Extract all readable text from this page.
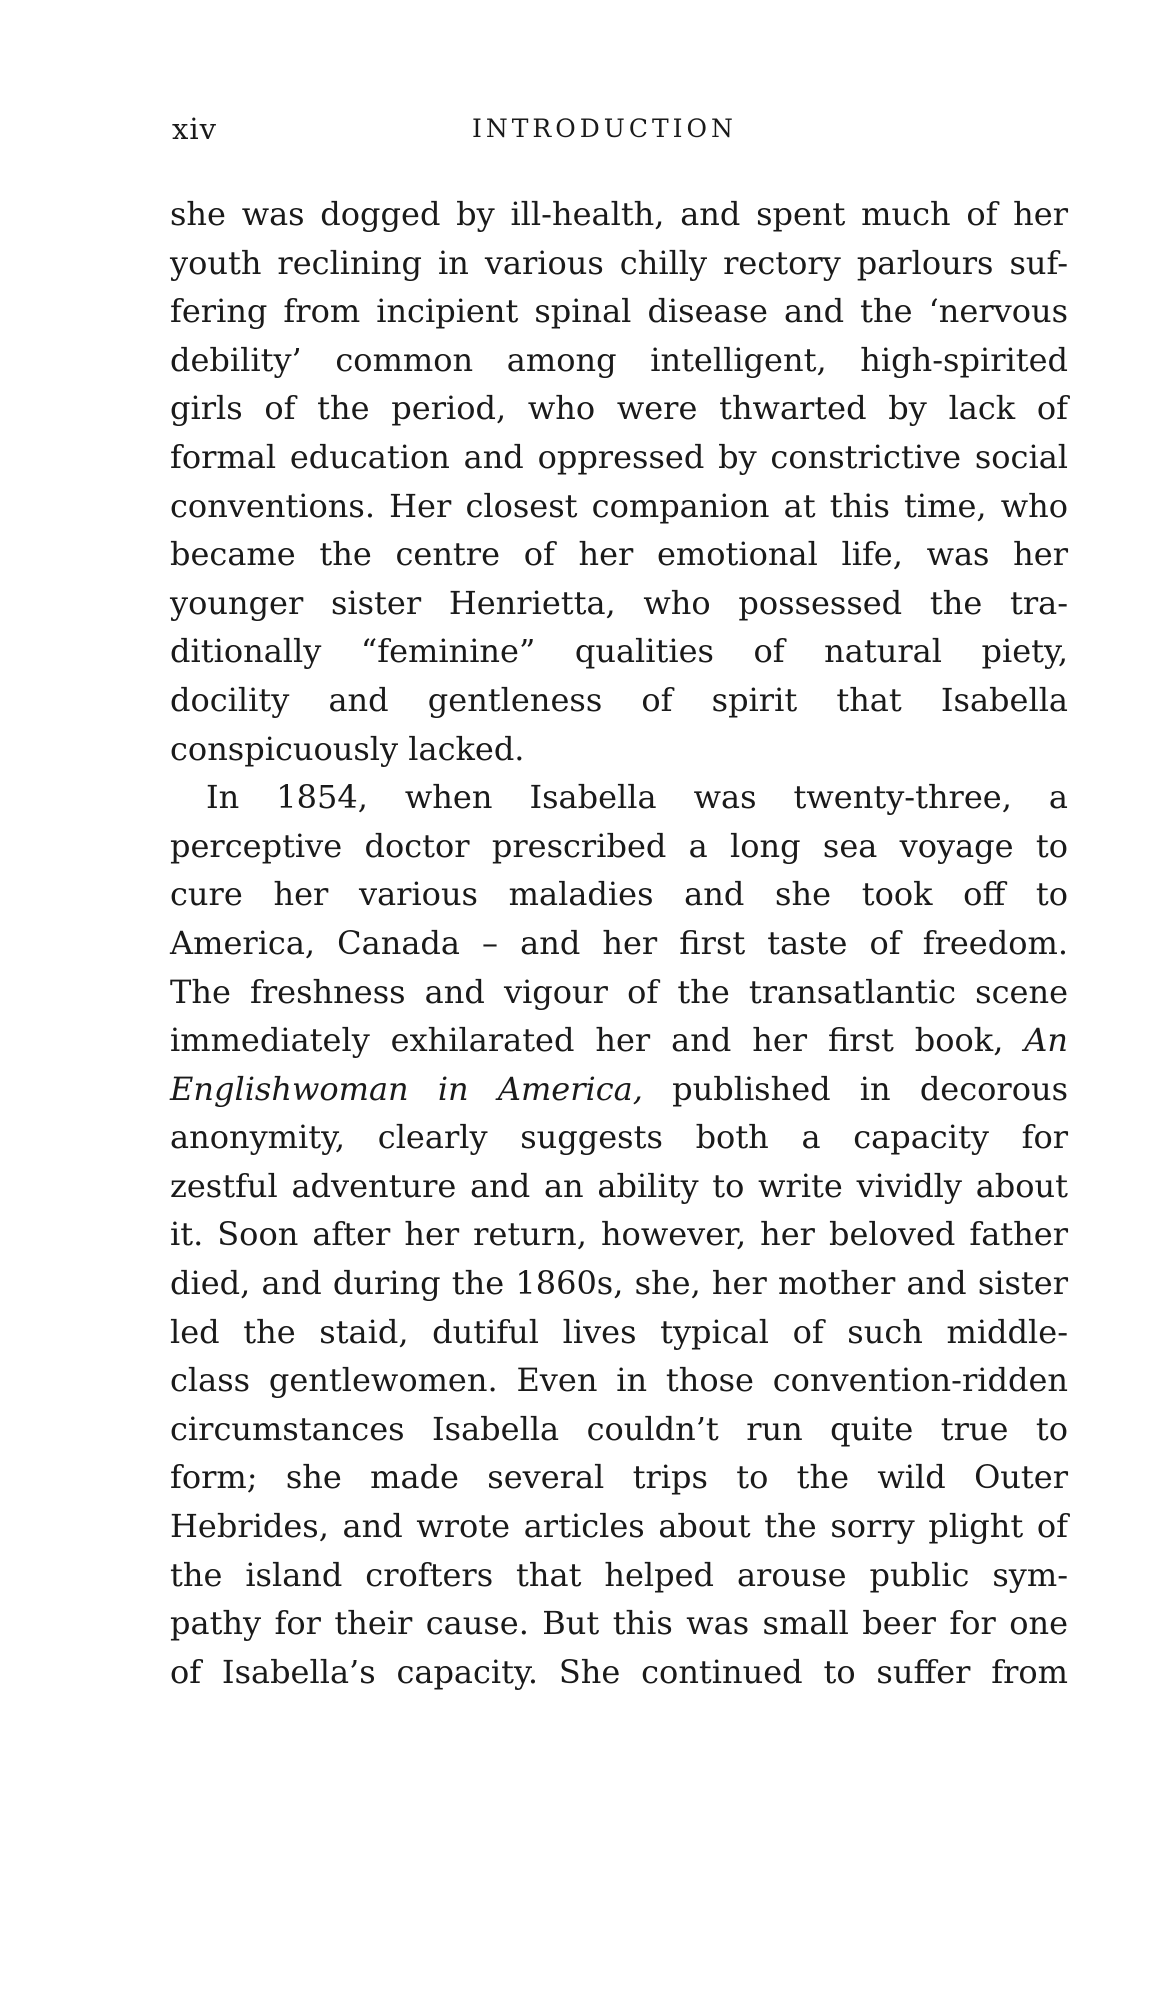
xiv	INTRODUCTION
she was dogged by ill-health, and spent much of her
youth reclining in various chilly rectory parlours suf-
fering from incipient spinal disease and the ‘nervous
debility’ common among intelligent, high-spirited
girls of the period, who were thwarted by lack of
formal education and oppressed by constrictive social
conventions. Her closest companion at this time, who
became the centre of her emotional life, was her
younger sister Henrietta, who possessed the tra-
ditionally “feminine” qualities of natural piety,
docility and gentleness of spirit that Isabella
conspicuously lacked.
In 1854, when Isabella was twenty-three, a
perceptive doctor prescribed a long sea voyage to
cure her various maladies and she took off to
America, Canada – and her first taste of freedom.
The freshness and vigour of the transatlantic scene
immediately exhilarated her and her first book, An
Englishwoman in America, published in decorous
anonymity, clearly suggests both a capacity for
zestful adventure and an ability to write vividly about
it. Soon after her return, however, her beloved father
died, and during the 1860s, she, her mother and sister
led the staid, dutiful lives typical of such middle-
class gentlewomen. Even in those convention-ridden
circumstances Isabella couldn’t run quite true to
form; she made several trips to the wild Outer
Hebrides, and wrote articles about the sorry plight of
the island crofters that helped arouse public sym-
pathy for their cause. But this was small beer for one
of Isabella’s capacity. She continued to suffer from
